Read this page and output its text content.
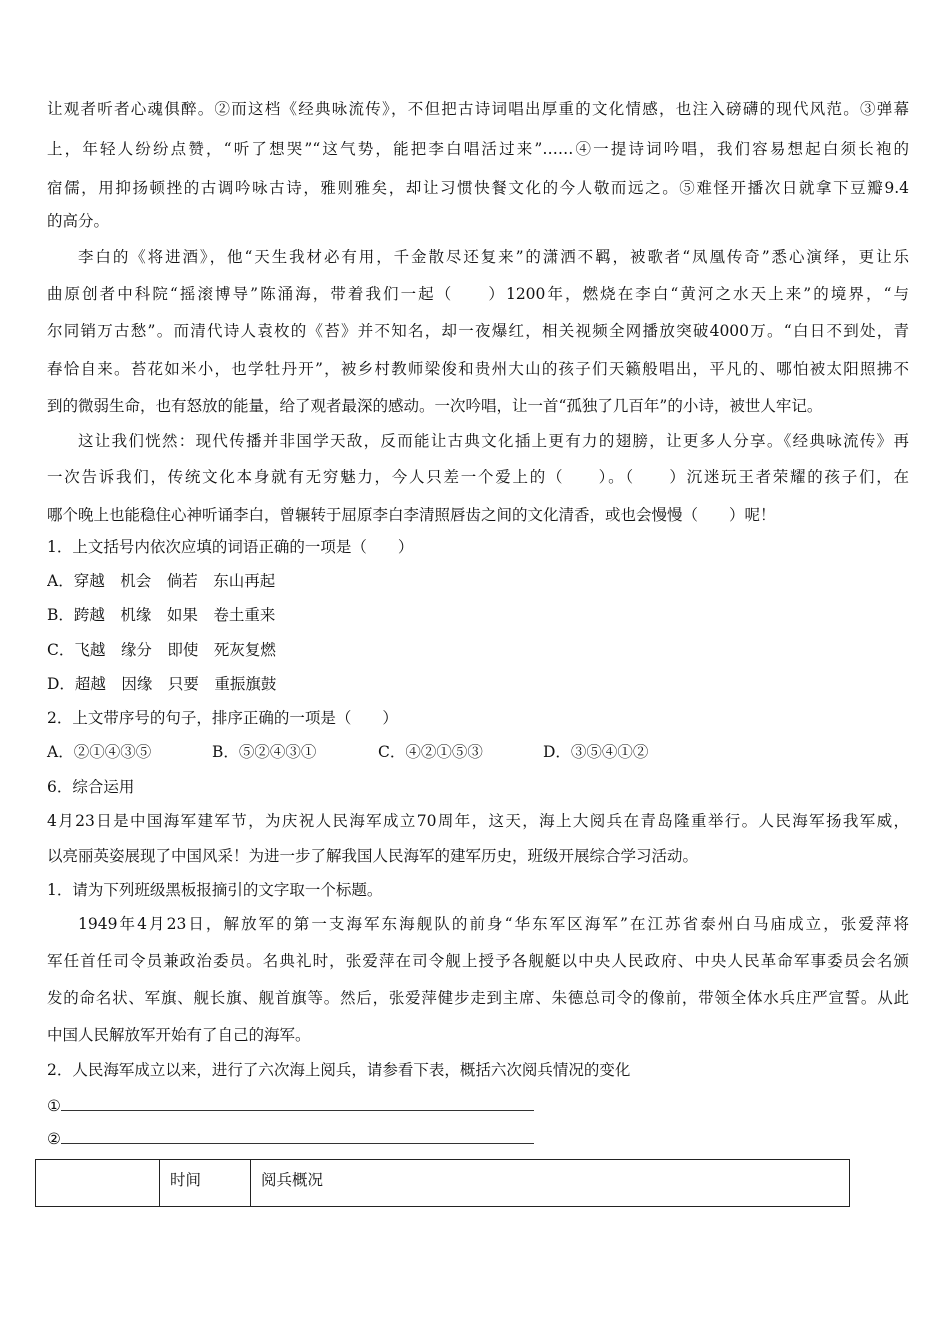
让观者听者心魂俱醉。②而这档《经典咏流传》，不但把古诗词唱出厚重的文化情感，也注入磅礴的现代风范。③弹幕
上，年轻人纷纷点赞，“听了想哭”“这气势，能把李白唱活过来”……④一提诗词吟唱，我们容易想起白须长袍的
宿儒，用抑扬顿挫的古调吟咏古诗，雅则雅矣，却让习惯快餐文化的今人敬而远之。⑤难怪开播次日就拿下豆瓣9.4
的高分。
李白的《将进酒》，他“天生我材必有用，千金散尽还复来”的潇洒不羁，被歌者“凤凰传奇”悉心演绎，更让乐
曲原创者中科院“摇滚博导”陈涌海，带着我们一起（　　）1200年，燃烧在李白“黄河之水天上来”的境界，“与
尔同销万古愁”。而清代诗人袁枚的《苔》并不知名，却一夜爆红，相关视频全网播放突破4000万。“白日不到处，青
春恰自来。苔花如米小，也学牡丹开”，被乡村教师梁俊和贵州大山的孩子们天籁般唱出，平凡的、哪怕被太阳照拂不
到的微弱生命，也有怒放的能量，给了观者最深的感动。一次吟唱，让一首“孤独了几百年”的小诗，被世人牢记。
这让我们恍然：现代传播并非国学天敌，反而能让古典文化插上更有力的翅膀，让更多人分享。《经典咏流传》再
一次告诉我们，传统文化本身就有无穷魅力，今人只差一个爱上的（　　）。（　　）沉迷玩王者荣耀的孩子们，在
哪个晚上也能稳住心神听诵李白，曾辗转于屈原李白李清照唇齿之间的文化清香，或也会慢慢（　　）呢！
1．上文括号内依次应填的词语正确的一项是（　　）
A．穿越　机会　倘若　东山再起
B．跨越　机缘　如果　卷土重来
C．飞越　缘分　即使　死灰复燃
D．超越　因缘　只要　重振旗鼓
2．上文带序号的句子，排序正确的一项是（　　）
A．②①④③⑤	B．⑤②④③①	C．④②①⑤③	D．③⑤④①②
6．综合运用
4月23日是中国海军建军节，为庆祝人民海军成立70周年，这天，海上大阅兵在青岛隆重举行。人民海军扬我军威，
以亮丽英姿展现了中国风采！为进一步了解我国人民海军的建军历史，班级开展综合学习活动。
1．请为下列班级黑板报摘引的文字取一个标题。
1949年4月23日，解放军的第一支海军东海舰队的前身“华东军区海军”在江苏省泰州白马庙成立，张爱萍将
军任首任司令员兼政治委员。名典礼时，张爱萍在司令舰上授予各舰艇以中央人民政府、中央人民革命军事委员会名颁
发的命名状、军旗、舰长旗、舰首旗等。然后，张爱萍健步走到主席、朱德总司令的像前，带领全体水兵庄严宣誓。从此
中国人民解放军开始有了自己的海军。
2．人民海军成立以来，进行了六次海上阅兵，请参看下表，概括六次阅兵情况的变化
①
②
	时间	阅兵概况
